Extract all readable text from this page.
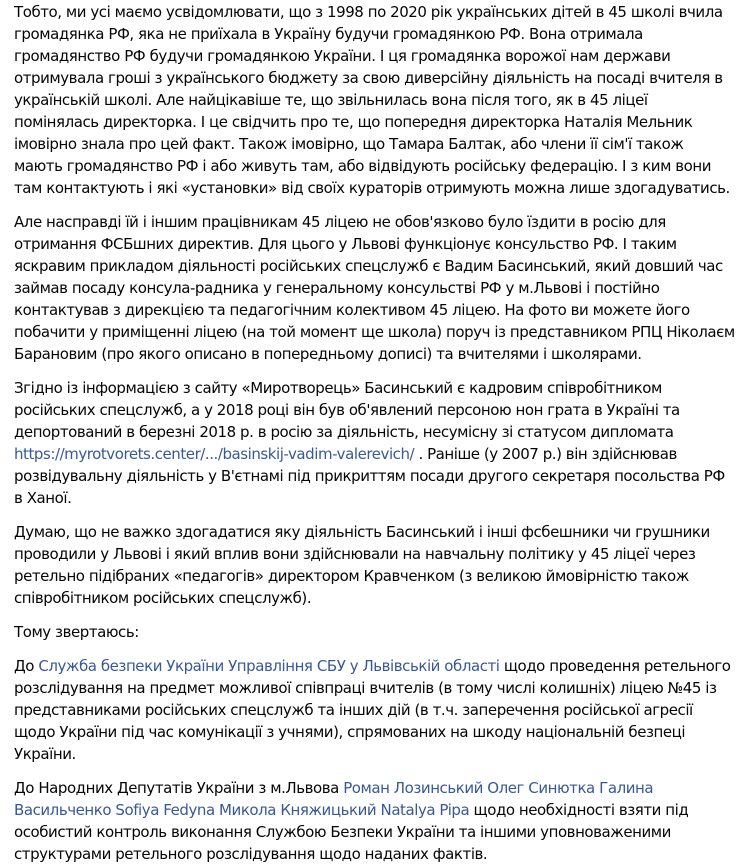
Тобто, ми усі маємо усвідомлювати, що з 1998 по 2020 рік українських дітей в 45 школі вчила громадянка РФ, яка не приїхала в Україну будучи громадянкою РФ. Вона отримала громадянство РФ будучи громадянкою України. І ця громадянка ворожої нам держави отримувала гроші з українського бюджету за свою диверсійну діяльність на посаді вчителя в українській школі. Але найцікавіше те, що звільнилась вона після того, як в 45 ліцеї помінялась директорка. І це свідчить про те, що попередня директорка Наталія Мельник імовірно знала про цей факт. Також імовірно, що Тамара Балтак, або члени її сім'ї також мають громадянство РФ і або живуть там, або відвідують російську федерацію. І з ким вони там контактують і які «установки» від своїх кураторів отримують можна лише здогадуватись.

Але насправді їй і іншим працівникам 45 ліцею не обов'язково було їздити в росію для отримання ФСБшних директив. Для цього у Львові функціонує консульство РФ. І таким яскравим прикладом діяльності російських спецслужб є Вадим Басинський, який довший час займав посаду консула-радника у генеральному консульстві РФ у м.Львові і постійно контактував з дирекцією та педагогічним колективом 45 ліцею. На фото ви можете його побачити у приміщенні ліцею (на той момент ще школа) поруч із представником РПЦ Ніколаєм Барановим (про якого описано в попередньому дописі) та вчителями і школярами.

Згідно із інформацією з сайту «Миротворець» Басинський є кадровим співробітником російських спецслужб, а у 2018 році він був об'явлений персоною нон грата в Україні та депортований в березні 2018 р. в росію за діяльність, несумісну зі статусом дипломата https://myrotvorets.center/.../basinskij-vadim-valerevich/ . Раніше (у 2007 р.) він здійснював розвідувальну діяльність у В'єтнамі під прикриттям посади другого секретаря посольства РФ в Ханої.

Думаю, що не важко здогадатися яку діяльність Басинський і інші фсбешники чи грушники проводили у Львові і який вплив вони здійснювали на навчальну політику у 45 ліцеї через ретельно підібраних «педагогів» директором Кравченком (з великою ймовірністю також співробітником російських спецслужб).

Тому звертаюсь:

До Служба безпеки України Управління СБУ у Львівській області щодо проведення ретельного розслідування на предмет можливої співпраці вчителів (в тому числі колишніх) ліцею №45 із представниками російських спецслужб та інших дій (в т.ч. заперечення російської агресії щодо України під час комунікації з учнями), спрямованих на шкоду національній безпеці України.

До Народних Депутатів України з м.Львова Роман Лозинський Олег Синютка Галина Васильченко Sofiya Fedyna Микола Княжицький Natalya Pipa щодо необхідності взяти під особистий контроль виконання Службою Безпеки України та іншими уповноваженими структурами ретельного розслідування щодо наданих фактів.
